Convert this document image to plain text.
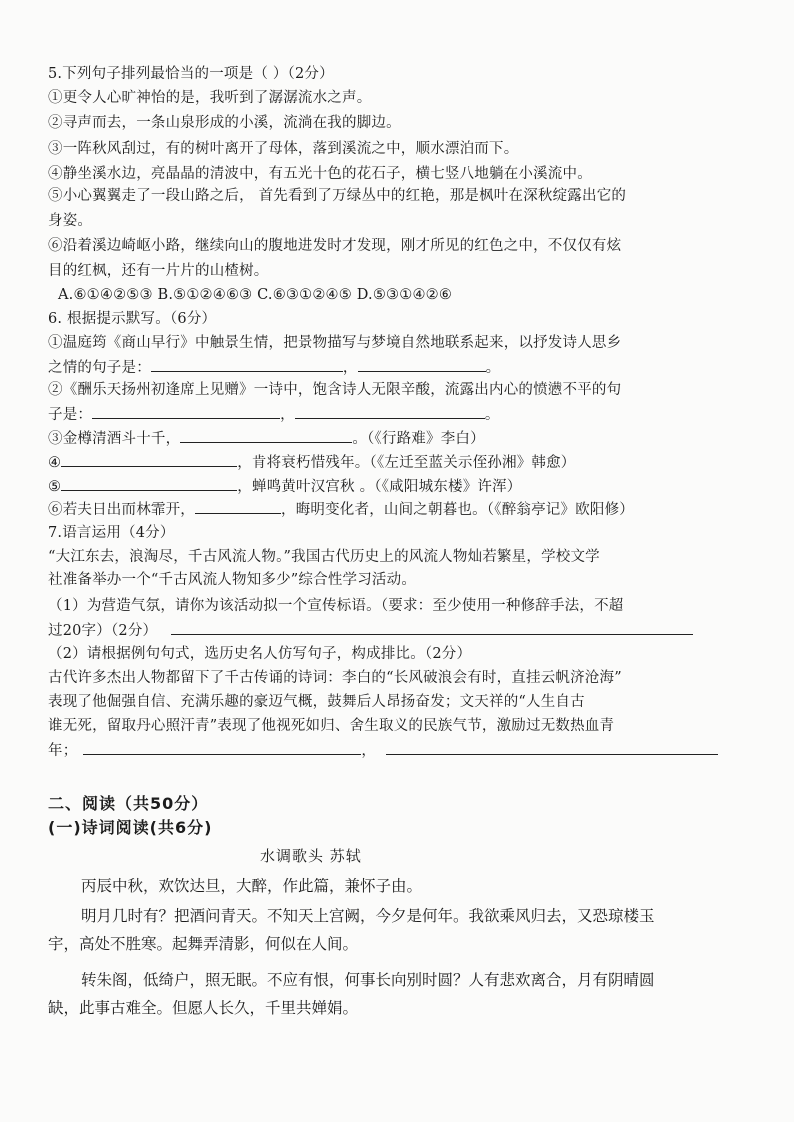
5.下列句子排列最恰当的一项是（ ）（2分）
①更令人心旷神怡的是，我听到了潺潺流水之声。
②寻声而去，一条山泉形成的小溪，流淌在我的脚边。
③一阵秋风刮过，有的树叶离开了母体，落到溪流之中，顺水漂泊而下。
④静坐溪水边，亮晶晶的清波中，有五光十色的花石子，横七竖八地躺在小溪流中。
⑤小心翼翼走了一段山路之后， 首先看到了万绿丛中的红艳，那是枫叶在深秋绽露出它的
身姿。
⑥沿着溪边崎岖小路，继续向山的腹地进发时才发现，刚才所见的红色之中，不仅仅有炫
目的红枫，还有一片片的山楂树。
A.⑥①④②⑤③ B.⑤①②④⑥③ C.⑥③①②④⑤ D.⑤③①④②⑥
6. 根据提示默写。（6分）
①温庭筠《商山早行》中触景生情，把景物描写与梦境自然地联系起来，以抒发诗人思乡
之情的句子是：	，	。
②《酬乐天扬州初逢席上见赠》一诗中，饱含诗人无限辛酸，流露出内心的愤懑不平的句
子是：	，	。
③金樽清酒斗十千，	。（《行路难》李白）
④	，肯将衰朽惜残年。（《左迁至蓝关示侄孙湘》韩愈）
⑤	，蝉鸣黄叶汉宫秋 。（《咸阳城东楼》许浑）
⑥若夫日出而林霏开，	，晦明变化者，山间之朝暮也。（《醉翁亭记》欧阳修）
7.语言运用（4分）
“大江东去，浪淘尽，千古风流人物。”我国古代历史上的风流人物灿若繁星，学校文学
社准备举办一个“千古风流人物知多少”综合性学习活动。
（1）为营造气氛，请你为该活动拟一个宣传标语。（要求：至少使用一种修辞手法，不超
过20字）（2分）
（2）请根据例句句式，选历史名人仿写句子，构成排比。（2分）
古代许多杰出人物都留下了千古传诵的诗词：李白的“长风破浪会有时，直挂云帆济沧海”
表现了他倔强自信、充满乐趣的豪迈气概，鼓舞后人昂扬奋发；文天祥的“人生自古
谁无死，留取丹心照汗青”表现了他视死如归、舍生取义的民族气节，激励过无数热血青
年；	，
二、阅读（共50分）
(一)诗词阅读(共6分)
水调歌头 苏轼
丙辰中秋，欢饮达旦，大醉，作此篇，兼怀子由。
明月几时有？把酒问青天。不知天上宫阙，今夕是何年。我欲乘风归去，又恐琼楼玉
宇，高处不胜寒。起舞弄清影，何似在人间。
转朱阁，低绮户，照无眠。不应有恨，何事长向别时圆？人有悲欢离合，月有阴晴圆
缺，此事古难全。但愿人长久，千里共婵娟。
